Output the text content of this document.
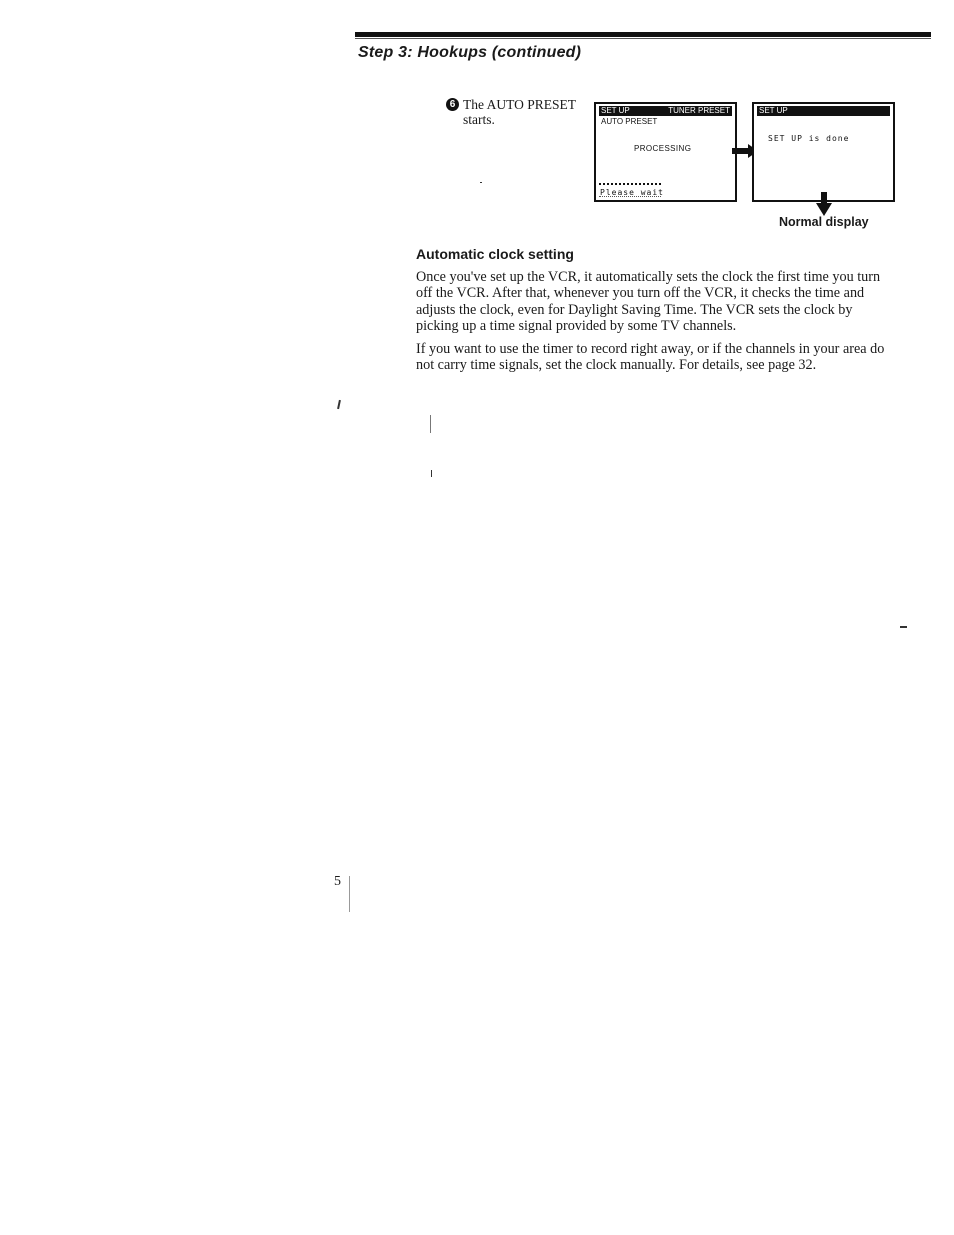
Step 3: Hookups (continued)
6 The AUTO PRESET starts.
SET UP	TUNER PRESET
AUTO PRESET
PROCESSING
Please wait
SET UP
SET UP is done
Normal display
Automatic clock setting

Once you've set up the VCR, it automatically sets the clock the first time you turn off the VCR. After that, whenever you turn off the VCR, it checks the time and adjusts the clock, even for Daylight Saving Time. The VCR sets the clock by picking up a time signal provided by some TV channels.

If you want to use the timer to record right away, or if the channels in your area do not carry time signals, set the clock manually. For details, see page 32.

5
